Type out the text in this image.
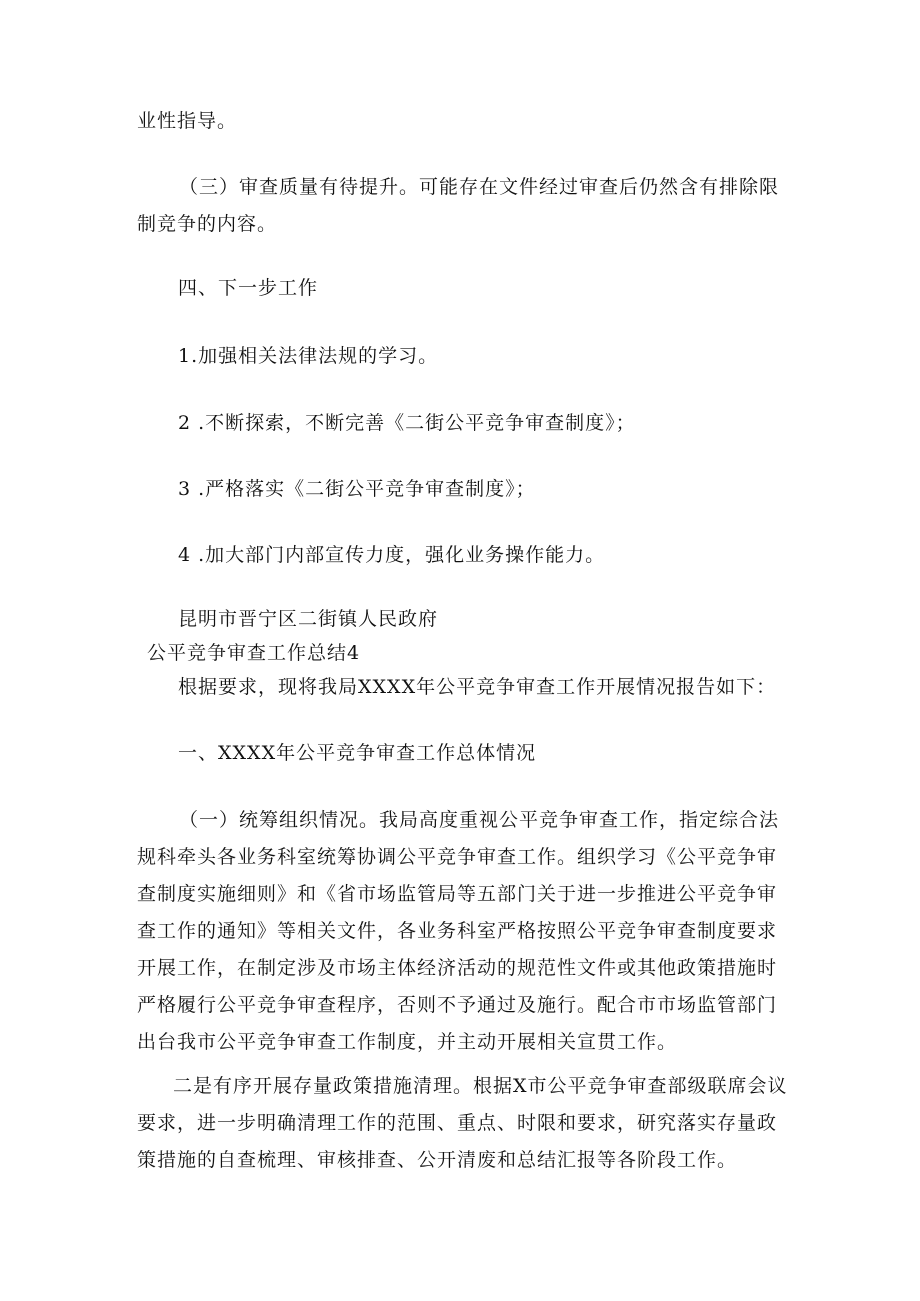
业性指导。

（三）审查质量有待提升。可能存在文件经过审查后仍然含有排除限
制竞争的内容。

四、下一步工作

1.加强相关法律法规的学习。

2 .不断探索，不断完善《二街公平竞争审查制度》；

3 .严格落实《二街公平竞争审查制度》；

4 .加大部门内部宣传力度，强化业务操作能力。

昆明市晋宁区二街镇人民政府

公平竞争审查工作总结4

根据要求，现将我局XXXX年公平竞争审查工作开展情况报告如下：

一、XXXX年公平竞争审查工作总体情况

（一）统筹组织情况。我局高度重视公平竞争审查工作，指定综合法
规科牵头各业务科室统筹协调公平竞争审查工作。组织学习《公平竞争审
查制度实施细则》和《省市场监管局等五部门关于进一步推进公平竞争审
查工作的通知》等相关文件，各业务科室严格按照公平竞争审查制度要求
开展工作，在制定涉及市场主体经济活动的规范性文件或其他政策措施时
严格履行公平竞争审查程序，否则不予通过及施行。配合市市场监管部门
出台我市公平竞争审查工作制度，并主动开展相关宣贯工作。
二是有序开展存量政策措施清理。根据X市公平竞争审查部级联席会议
要求，进一步明确清理工作的范围、重点、时限和要求，研究落实存量政
策措施的自查梳理、审核排查、公开清废和总结汇报等各阶段工作。
